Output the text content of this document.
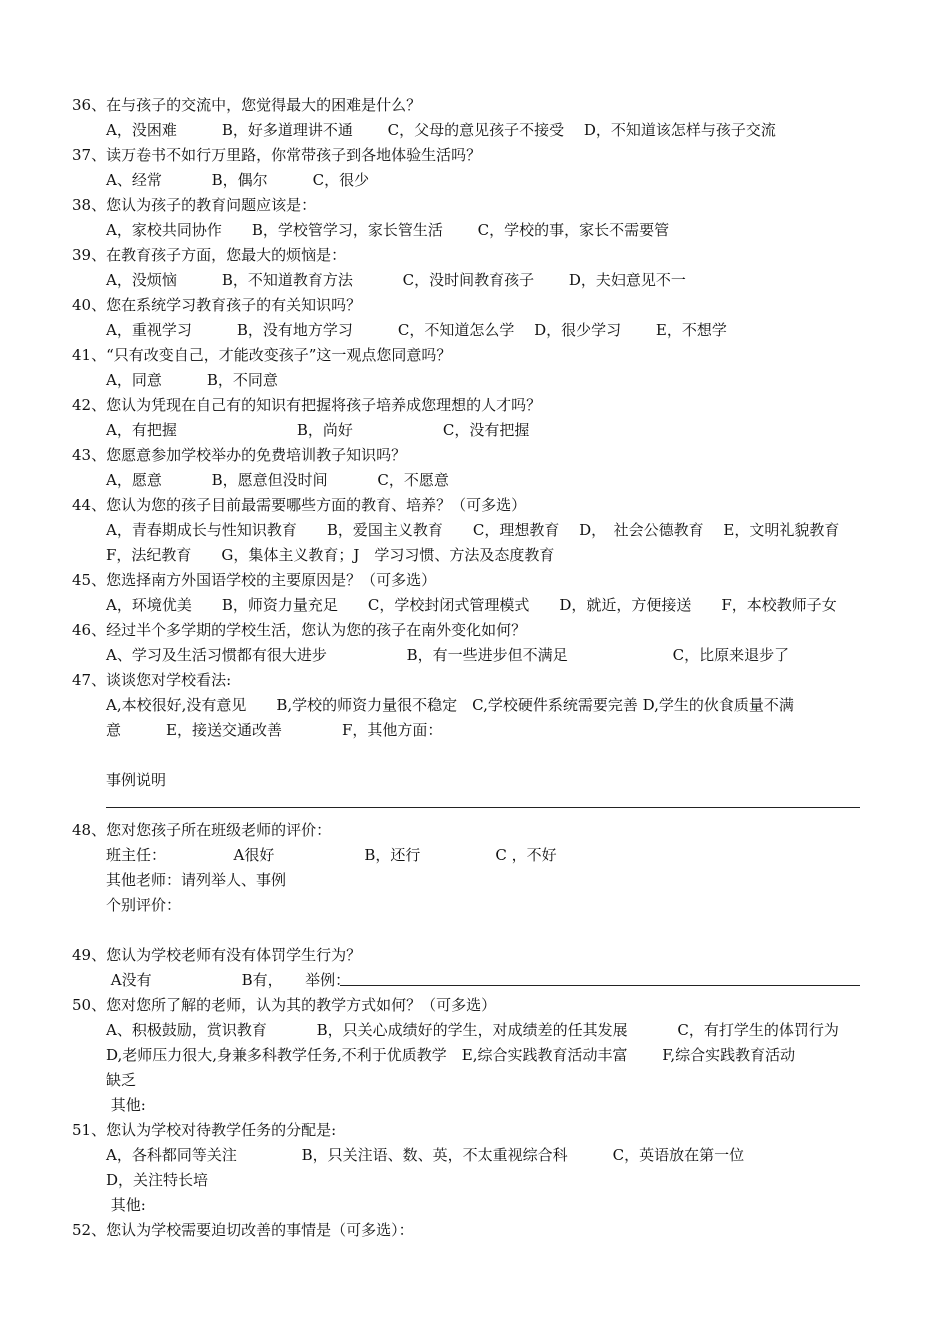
36、在与孩子的交流中，您觉得最大的困难是什么？
A，没困难　　　B，好多道理讲不通　　 C，父母的意见孩子不接受　 D，不知道该怎样与孩子交流
37、读万卷书不如行万里路，你常带孩子到各地体验生活吗？
A、经常　　　 B，偶尔　　　C，很少
38、您认为孩子的教育问题应该是：
A，家校共同协作　　B，学校管学习，家长管生活　　 C，学校的事，家长不需要管
39、在教育孩子方面，您最大的烦恼是：
A，没烦恼　　　B，不知道教育方法　　　 C，没时间教育孩子　　 D，夫妇意见不一
40、您在系统学习教育孩子的有关知识吗？
A，重视学习　　　B，没有地方学习　　　C，不知道怎么学　 D，很少学习　　 E，不想学
41、“只有改变自己，才能改变孩子”这一观点您同意吗？
A，同意　　　B，不同意
42、您认为凭现在自己有的知识有把握将孩子培养成您理想的人才吗？
A，有把握　　　　　　　　B，尚好　　　　　　C，没有把握
43、您愿意参加学校举办的免费培训教子知识吗？
A，愿意　　　 B，愿意但没时间　　　 C，不愿意
44、您认为您的孩子目前最需要哪些方面的教育、培养？（可多选）
A，青春期成长与性知识教育　　B，爱国主义教育　　C，理想教育　 D，　社会公德教育　 E，文明礼貌教育
F，法纪教育　　G，集体主义教育；J　学习习惯、方法及态度教育
45、您选择南方外国语学校的主要原因是？（可多选）
A，环境优美　　B，师资力量充足　　C，学校封闭式管理模式　　D，就近，方便接送　　F，本校教师子女
46、经过半个多学期的学校生活，您认为您的孩子在南外变化如何？
A、学习及生活习惯都有很大进步　　　　　 B，有一些进步但不满足　　　　　　　C，比原来退步了
47、谈谈您对学校看法:
A,本校很好,没有意见　　B,学校的师资力量很不稳定　C,学校硬件系统需要完善 D,学生的伙食质量不满
意　　　E，接送交通改善　　　　F，其他方面：
事例说明
48、您对您孩子所在班级老师的评价：
班主任：　　　　　A很好　　　　　　B，还行　　　　　C ，不好
其他老师：请列举人、事例
个别评价：
49、您认为学校老师有没有体罚学生行为？
A没有　　　　　　B有，　　举例：
50、您对您所了解的老师，认为其的教学方式如何？（可多选）
A、积极鼓励，赏识教育　　　 B，只关心成绩好的学生，对成绩差的任其发展　　　 C，有打学生的体罚行为
D,老师压力很大,身兼多科教学任务,不利于优质教学　E,综合实践教育活动丰富　　 F,综合实践教育活动
缺乏
其他:
51、您认为学校对待教学任务的分配是:
A，各科都同等关注　　　　 B，只关注语、数、英，不太重视综合科　　　C，英语放在第一位
D，关注特长培
其他:
52、您认为学校需要迫切改善的事情是（可多选）：
